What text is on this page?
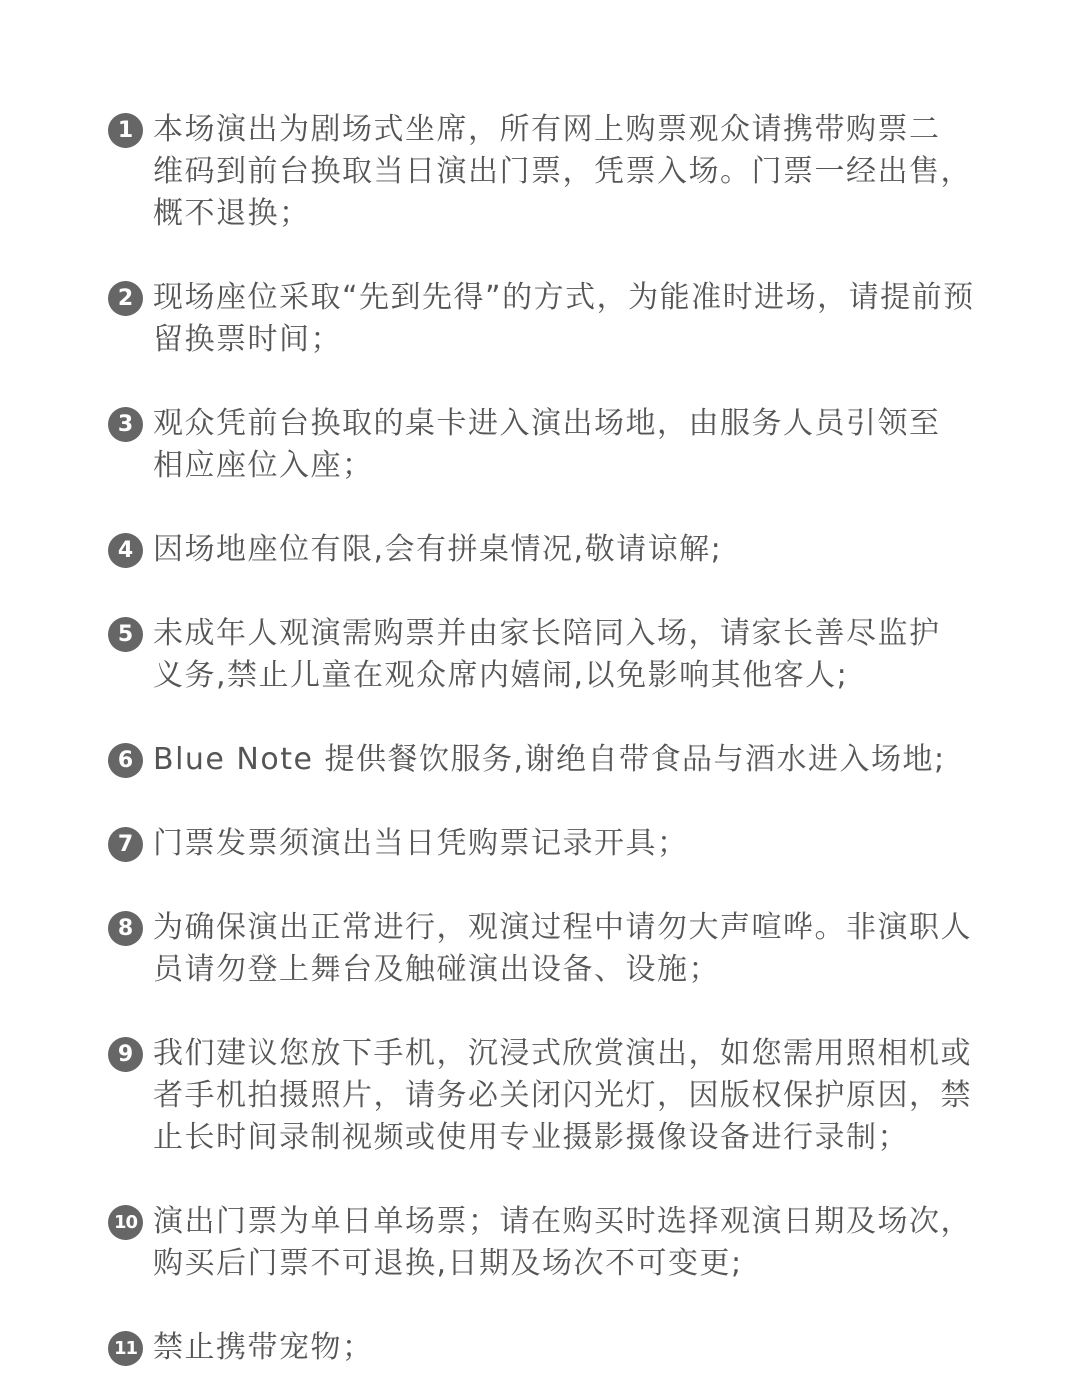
1 本场演出为剧场式坐席，所有网上购票观众请携带购票二
维码到前台换取当日演出门票，凭票入场。门票一经出售，
概不退换；
2 现场座位采取“先到先得”的方式，为能准时进场，请提前预
留换票时间；
3 观众凭前台换取的桌卡进入演出场地，由服务人员引领至
相应座位入座；
4 因场地座位有限,会有拼桌情况,敬请谅解;
5 未成年人观演需购票并由家长陪同入场，请家长善尽监护
义务,禁止儿童在观众席内嬉闹,以免影响其他客人;
6 Blue Note 提供餐饮服务,谢绝自带食品与酒水进入场地;
7 门票发票须演出当日凭购票记录开具；
8 为确保演出正常进行，观演过程中请勿大声喧哗。非演职人
员请勿登上舞台及触碰演出设备、设施；
9 我们建议您放下手机，沉浸式欣赏演出，如您需用照相机或
者手机拍摄照片，请务必关闭闪光灯，因版权保护原因，禁
止长时间录制视频或使用专业摄影摄像设备进行录制；
10 演出门票为单日单场票；请在购买时选择观演日期及场次，
购买后门票不可退换,日期及场次不可变更;
11 禁止携带宠物；
